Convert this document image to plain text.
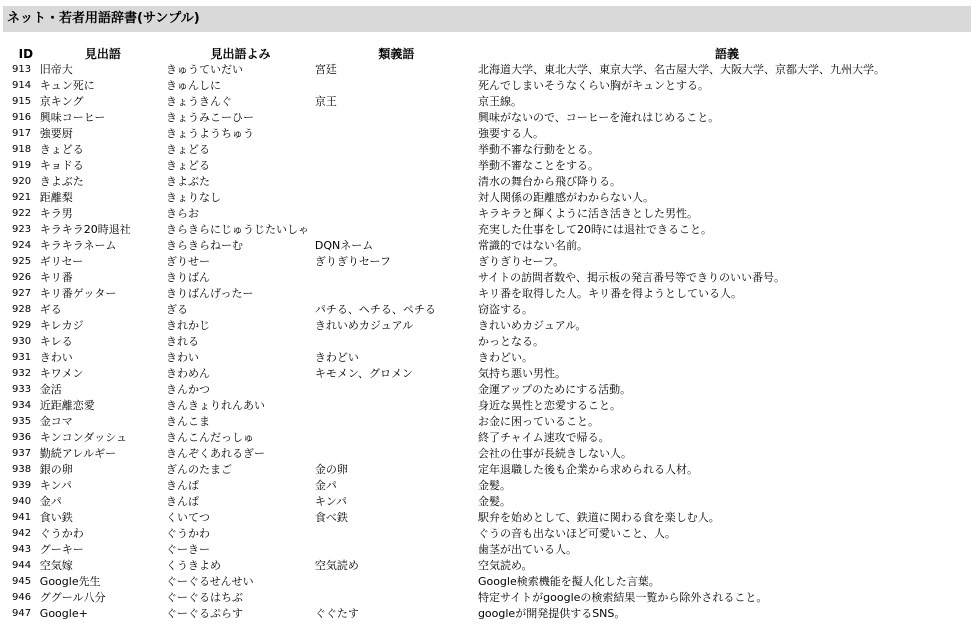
ネット・若者用語辞書(サンプル)
ID	見出語	見出語よみ	類義語	語義
913	旧帝大	きゅうていだい	宮廷	北海道大学、東北大学、東京大学、名古屋大学、大阪大学、京都大学、九州大学。
914	キュン死に	きゅんしに		死んでしまいそうなくらい胸がキュンとする。
915	京キング	きょうきんぐ	京王	京王線。
916	興味コーヒー	きょうみこーひー		興味がないので、コーヒーを淹れはじめること。
917	強要厨	きょうようちゅう		強要する人。
918	きょどる	きょどる		挙動不審な行動をとる。
919	キョドる	きょどる		挙動不審なことをする。
920	きよぶた	きよぶた		清水の舞台から飛び降りる。
921	距離梨	きょりなし		対人関係の距離感がわからない人。
922	キラ男	きらお		キラキラと輝くように活き活きとした男性。
923	キラキラ20時退社	きらきらにじゅうじたいしゃ		充実した仕事をして20時には退社できること。
924	キラキラネーム	きらきらねーむ	DQNネーム	常識的ではない名前。
925	ギリセー	ぎりせー	ぎりぎりセーフ	ぎりぎりセーフ。
926	キリ番	きりばん		サイトの訪問者数や、掲示板の発言番号等できりのいい番号。
927	キリ番ゲッター	きりばんげったー		キリ番を取得した人。キリ番を得ようとしている人。
928	ギる	ぎる	パチる、ヘチる、ペチる	窃盗する。
929	キレカジ	きれかじ	きれいめカジュアル	きれいめカジュアル。
930	キレる	きれる		かっとなる。
931	きわい	きわい	きわどい	きわどい。
932	キワメン	きわめん	キモメン、グロメン	気持ち悪い男性。
933	金活	きんかつ		金運アップのためにする活動。
934	近距離恋愛	きんきょりれんあい		身近な異性と恋愛すること。
935	金コマ	きんこま		お金に困っていること。
936	キンコンダッシュ	きんこんだっしゅ		終了チャイム速攻で帰る。
937	勤続アレルギー	きんぞくあれるぎー		会社の仕事が長続きしない人。
938	銀の卵	ぎんのたまご	金の卵	定年退職した後も企業から求められる人材。
939	キンパ	きんぱ	金パ	金髪。
940	金パ	きんぱ	キンパ	金髪。
941	食い鉄	くいてつ	食べ鉄	駅弁を始めとして、鉄道に関わる食を楽しむ人。
942	ぐうかわ	ぐうかわ		ぐうの音も出ないほど可愛いこと、人。
943	グーキー	ぐーきー		歯茎が出ている人。
944	空気嫁	くうきよめ	空気読め	空気読め。
945	Google先生	ぐーぐるせんせい		Google検索機能を擬人化した言葉。
946	ググール八分	ぐーぐるはちぶ		特定サイトがgoogleの検索結果一覧から除外されること。
947	Google+	ぐーぐるぷらす	ぐぐたす	googleが開発提供するSNS。
